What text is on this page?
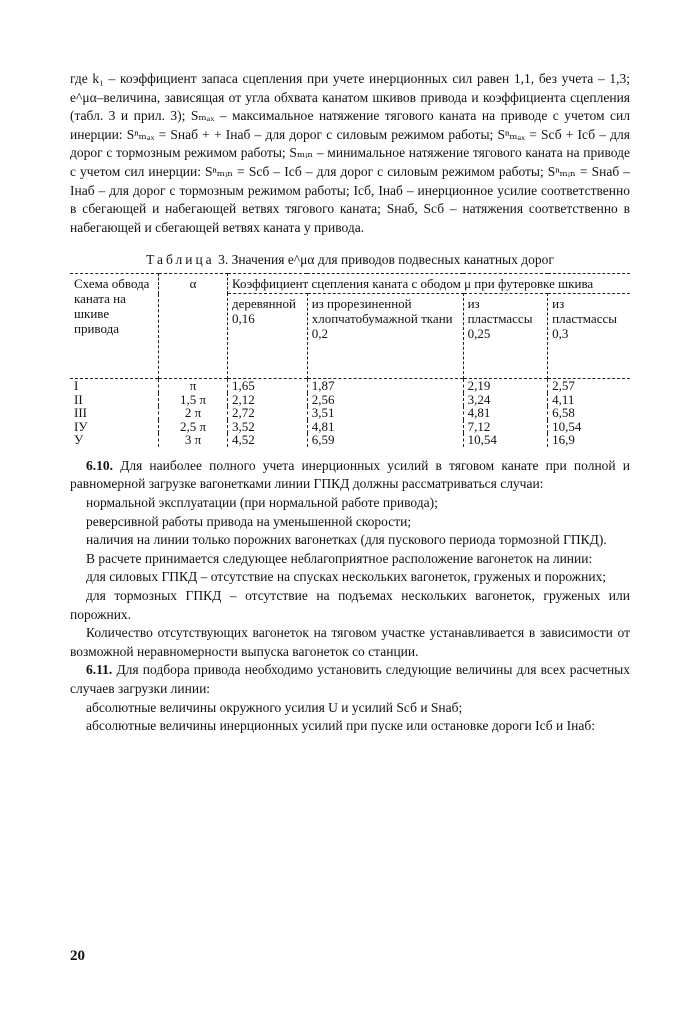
где k₁ – коэффициент запаса сцепления при учете инерционных сил равен 1,1, без учета – 1,3; e^μα–величина, зависящая от угла обхвата канатом шкивов привода и коэффициента сцепления (табл. 3 и прил. 3); Sₘₐₓ – максимальное натяжение тягового каната на приводе с учетом сил инерции: Sⁿₘₐₓ = Sнаб + + Iнаб – для дорог с силовым режимом работы; Sⁿₘₐₓ = Sсб + Iсб – для дорог с тормозным режимом работы; Sₘᵢₙ – минимальное натяжение тягового каната на приводе с учетом сил инерции: Sⁿₘᵢₙ = Sсб – Iсб – для дорог с силовым режимом работы; Sⁿₘᵢₙ = Sнаб – Iнаб – для дорог с тормозным режимом работы; Iсб, Iнаб – инерционное усилие соответственно в сбегающей и набегающей ветвях тягового каната; Sнаб, Sсб – натяжения соответственно в набегающей и сбегающей ветвях каната у привода.

Таблица 3. Значения e^μα для приводов подвесных канатных дорог
Схема обвода каната на шкиве привода	α	Коэффициент сцепления каната с ободом μ при футеровке шкива			
		деревянной 0,16	из прорезиненной хлопчатобумажной ткани 0,2	из пластмассы 0,25	из пластмассы 0,3
I	π	1,65	1,87	2,19	2,57
II	1,5 π	2,12	2,56	3,24	4,11
III	2 π	2,72	3,51	4,81	6,58
IУ	2,5 π	3,52	4,81	7,12	10,54
У	3 π	4,52	6,59	10,54	16,9

6.10. Для наиболее полного учета инерционных усилий в тяговом канате при полной и равномерной загрузке вагонетками линии ГПКД должны рассматриваться случаи:

нормальной эксплуатации (при нормальной работе привода);

реверсивной работы привода на уменьшенной скорости;

наличия на линии только порожних вагонетках (для пускового периода тормозной ГПКД).

В расчете принимается следующее неблагоприятное расположение вагонеток на линии:

для силовых ГПКД – отсутствие на спусках нескольких вагонеток, груженых и порожних;

для тормозных ГПКД – отсутствие на подъемах нескольких вагонеток, груженых или порожних.

Количество отсутствующих вагонеток на тяговом участке устанавливается в зависимости от возможной неравномерности выпуска вагонеток со станции.

6.11. Для подбора привода необходимо установить следующие величины для всех расчетных случаев загрузки линии:

абсолютные величины окружного усилия U и усилий Sсб и Sнаб;

абсолютные величины инерционных усилий при пуске или остановке дороги Iсб и Iнаб:

20
